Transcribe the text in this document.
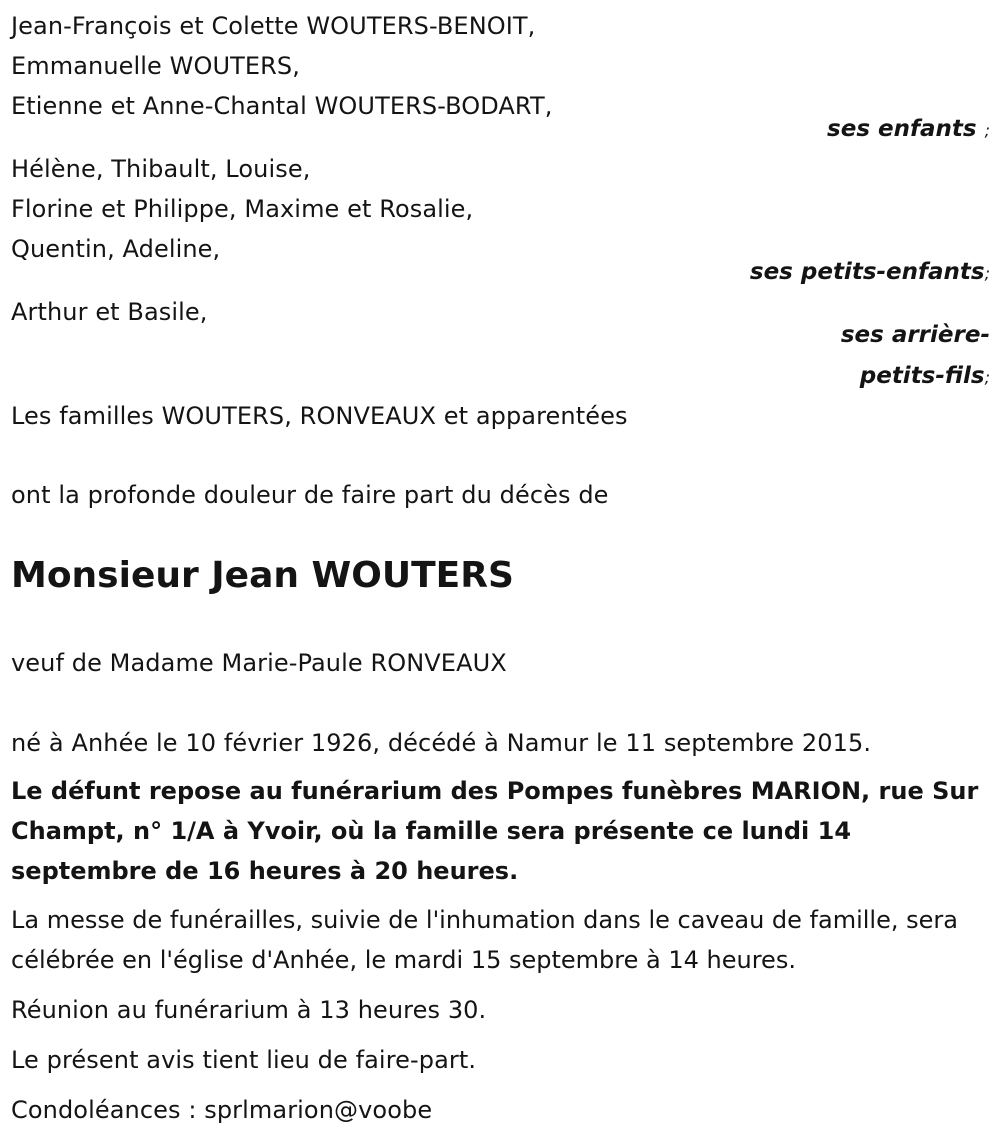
Jean-François et Colette WOUTERS-BENOIT,
Emmanuelle WOUTERS,
Etienne et Anne-Chantal WOUTERS-BODART,
ses enfants ;
Hélène, Thibault, Louise,
Florine et Philippe, Maxime et Rosalie,
Quentin, Adeline,
ses petits-enfants;
Arthur et Basile,
ses arrière-
petits-fils;
Les familles WOUTERS, RONVEAUX et apparentées
ont la profonde douleur de faire part du décès de
Monsieur Jean WOUTERS
veuf de Madame Marie-Paule RONVEAUX
né à Anhée le 10 février 1926, décédé à Namur le 11 septembre 2015.
Le défunt repose au funérarium des Pompes funèbres MARION, rue Sur Champt, n° 1/A à Yvoir, où la famille sera présente ce lundi 14 septembre de 16 heures à 20 heures.
La messe de funérailles, suivie de l'inhumation dans le caveau de famille, sera célébrée en l'église d'Anhée, le mardi 15 septembre à 14 heures.
Réunion au funérarium à 13 heures 30.
Le présent avis tient lieu de faire-part.
Condoléances : sprlmarion@voobe
